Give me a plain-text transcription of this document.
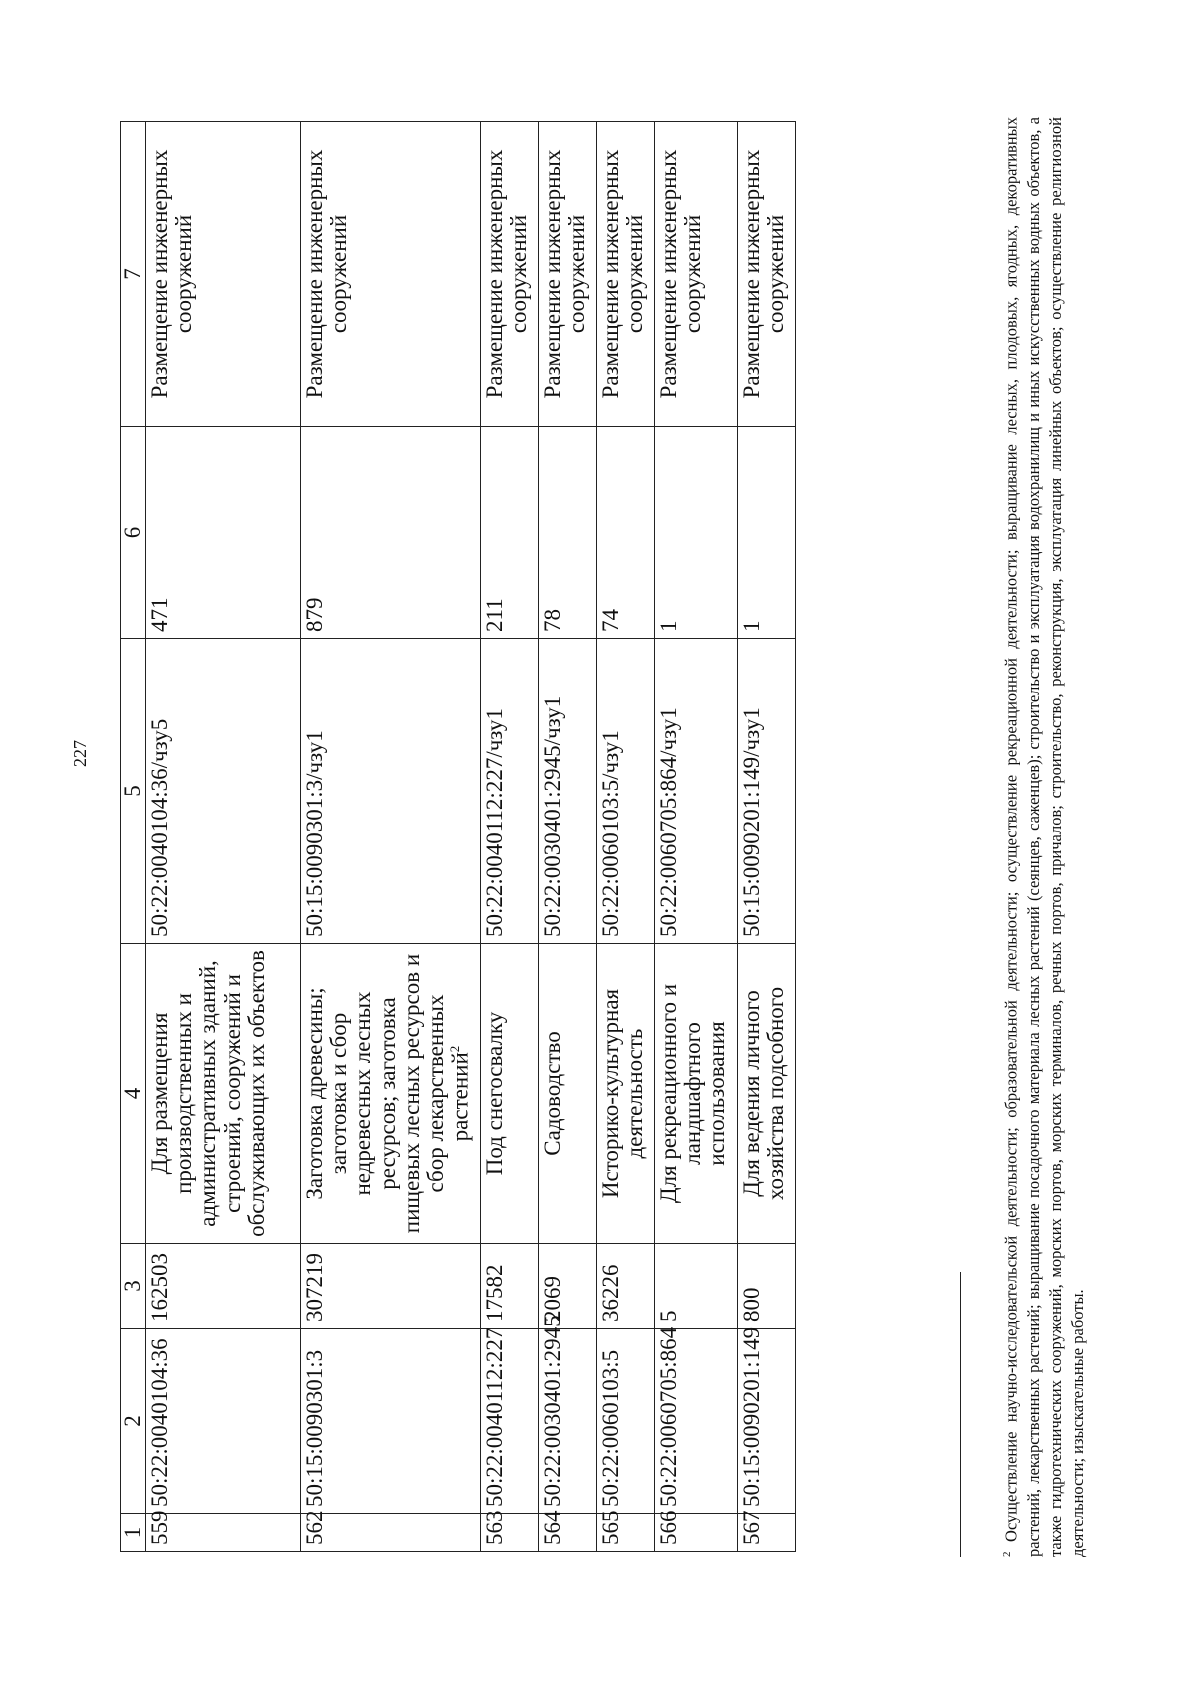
227
1	2	3	4	5	6	7
559	50:22:0040104:36	162503	Для размещения производственных и административных зданий, строений, сооружений и обслуживающих их объектов	50:22:0040104:36/чзу5	471	Размещение инженерных сооружений
562	50:15:0090301:3	307219	Заготовка древесины; заготовка и сбор недревесных лесных ресурсов; заготовка пищевых лесных ресурсов и сбор лекарственных растений$^2$	50:15:0090301:3/чзу1	879	Размещение инженерных сооружений
563	50:22:0040112:227	17582	Под снегосвалку	50:22:0040112:227/чзу1	211	Размещение инженерных сооружений
564	50:22:0030401:2945	2069	Садоводство	50:22:0030401:2945/чзу1	78	Размещение инженерных сооружений
565	50:22:0060103:5	36226	Историко-культурная деятельность	50:22:0060103:5/чзу1	74	Размещение инженерных сооружений
566	50:22:0060705:864	5	Для рекреационного и ландшафтного использования	50:22:0060705:864/чзу1	1	Размещение инженерных сооружений
567	50:15:0090201:149	800	Для ведения личного хозяйства подсобного	50:15:0090201:149/чзу1	1	Размещение инженерных сооружений
$^2$ Осуществление научно-исследовательской деятельности; образовательной деятельности; осуществление рекреационной деятельности; выращивание лесных, плодовых, ягодных, декоративных растений, лекарственных растений; выращивание посадочного материала лесных растений (сеянцев, саженцев); строительство и эксплуатация водохранилищ и иных искусственных водных объектов, а также гидротехнических сооружений, морских портов, морских терминалов, речных портов, причалов; строительство, реконструкция, эксплуатация линейных объектов; осуществление религиозной деятельности; изыскательные работы.
